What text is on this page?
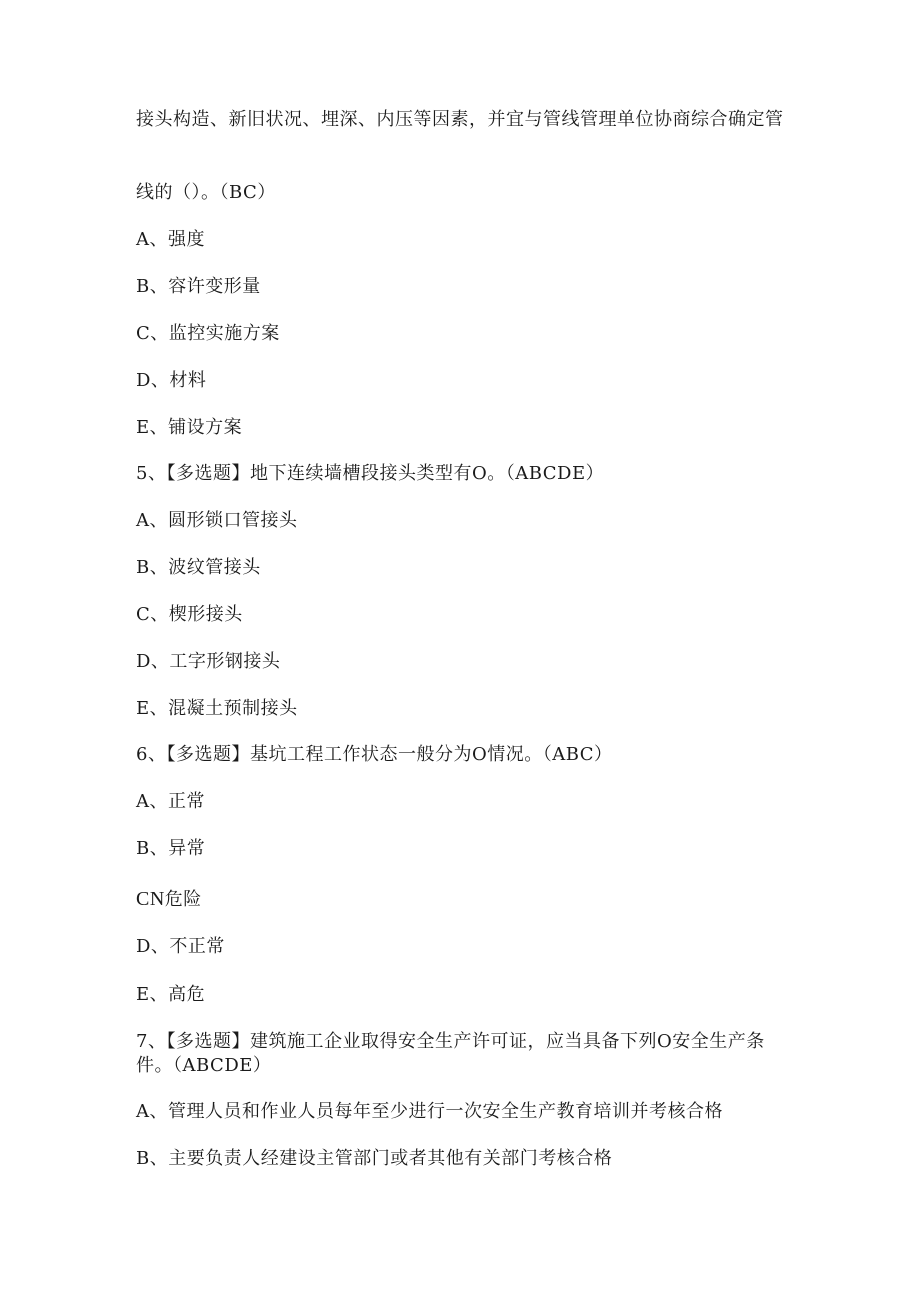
接头构造、新旧状况、埋深、内压等因素，并宜与管线管理单位协商综合确定管
线的（）。（BC）
A、强度
B、容许变形量
C、监控实施方案
D、材料
E、铺设方案
5、【多选题】地下连续墙槽段接头类型有O。（ABCDE）
A、圆形锁口管接头
B、波纹管接头
C、楔形接头
D、工字形钢接头
E、混凝土预制接头
6、【多选题】基坑工程工作状态一般分为O情况。（ABC）
A、正常
B、异常
CN危险
D、不正常
E、高危
7、【多选题】建筑施工企业取得安全生产许可证，应当具备下列O安全生产条件。（ABCDE）
A、管理人员和作业人员每年至少进行一次安全生产教育培训并考核合格
B、主要负责人经建设主管部门或者其他有关部门考核合格
